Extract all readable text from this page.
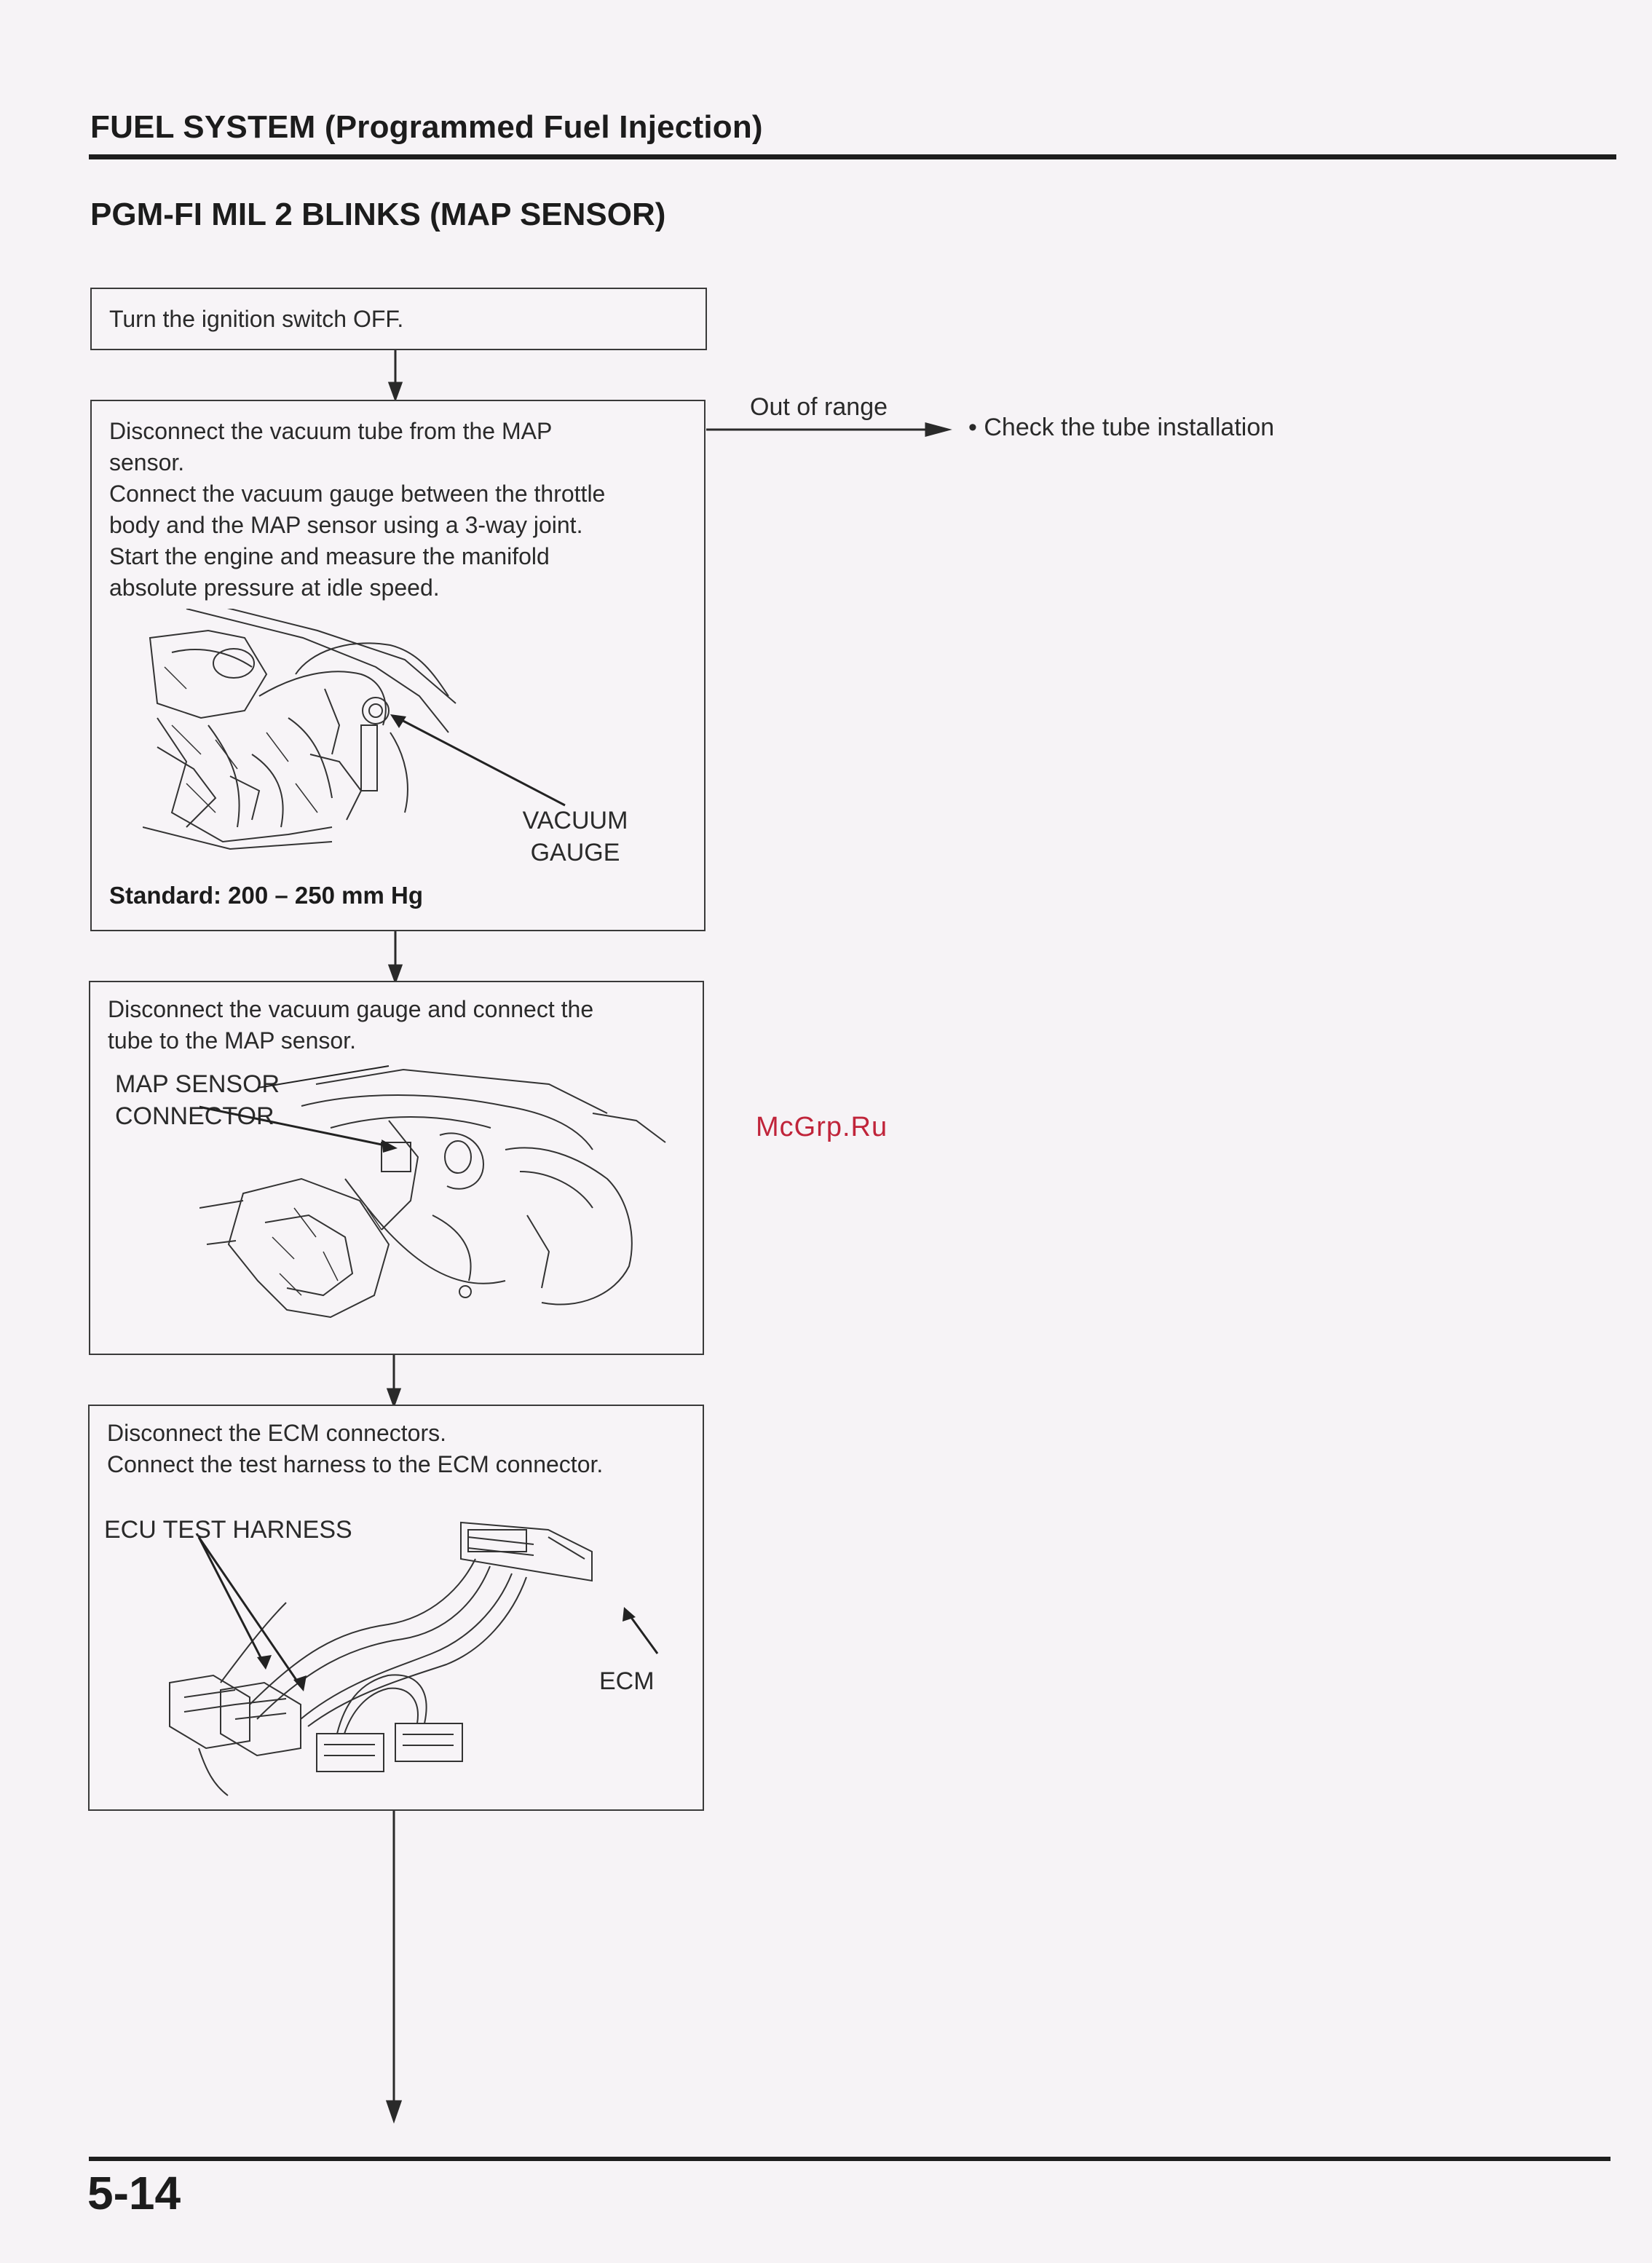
FUEL SYSTEM (Programmed Fuel Injection)
PGM-FI MIL 2 BLINKS (MAP SENSOR)
Out of range
• Check the tube installation
Turn the ignition switch OFF.
Disconnect the vacuum tube from the MAP
sensor.
Connect the vacuum gauge between the throttle
body and the MAP sensor using a 3-way joint.
Start the engine and measure the manifold
absolute pressure at idle speed.
VACUUM
GAUGE
Standard: 200 – 250 mm Hg
Disconnect the vacuum gauge and connect the
tube to the MAP sensor.
MAP SENSOR
CONNECTOR
Disconnect the ECM connectors.
Connect the test harness to the ECM connector.
ECU TEST HARNESS
ECM
McGrp.Ru
5-14
